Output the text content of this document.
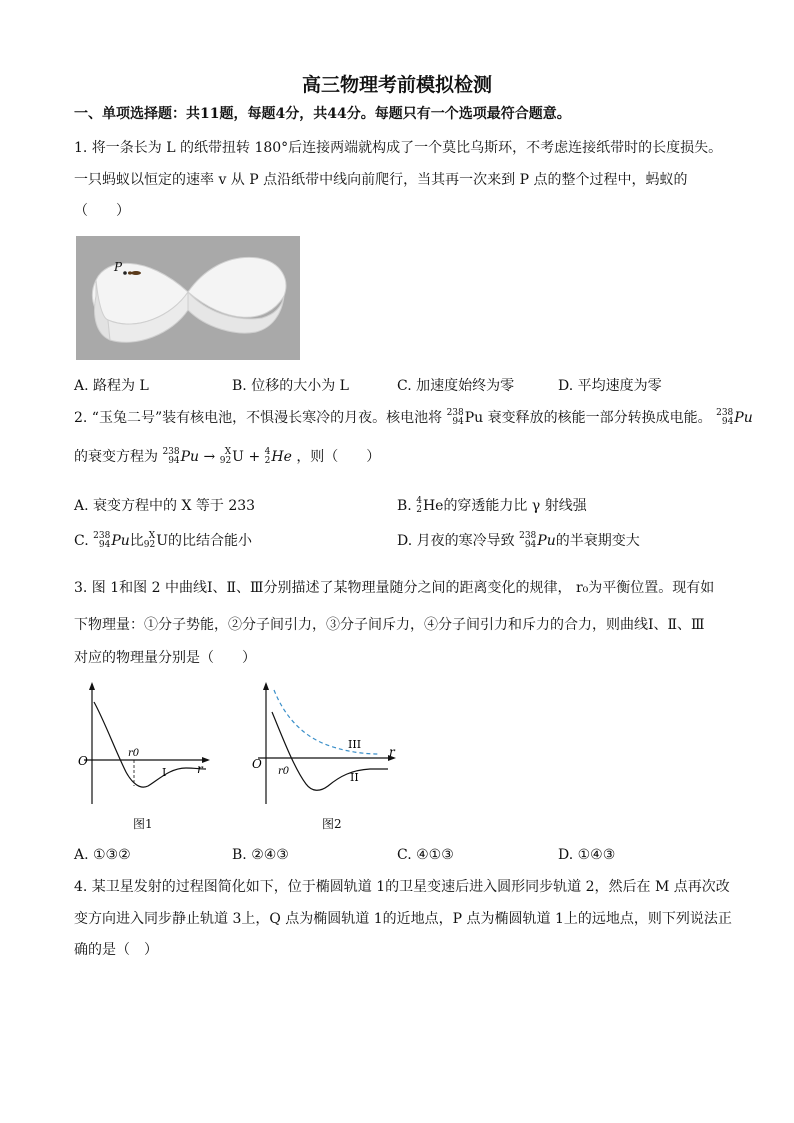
高三物理考前模拟检测
一、单项选择题：共11题，每题4分，共44分。每题只有一个选项最符合题意。
1. 将一条长为 L 的纸带扭转 180°后连接两端就构成了一个莫比乌斯环，不考虑连接纸带时的长度损失。
一只蚂蚁以恒定的速率 v 从 P 点沿纸带中线向前爬行，当其再一次来到 P 点的整个过程中，蚂蚁的
（　　）
P
A. 路程为 L	B. 位移的大小为 L	C. 加速度始终为零	D. 平均速度为零
2. “玉兔二号”装有核电池，不惧漫长寒冷的月夜。核电池将 238
94 Pu 衰变释放的核能一部分转换成电能。 238
94 Pu
的衰变方程为 238
94 Pu → X
92 U + 4
2 He ，则（　　）
A. 衰变方程中的 X 等于 233	B. 4
2 He的穿透能力比 γ 射线强
C. 238
94 Pu比 X
92 U的比结合能小	D. 月夜的寒冷导致 238
94 Pu的半衰期变大
3. 图 1和图 2 中曲线Ⅰ、Ⅱ、Ⅲ分别描述了某物理量随分之间的距离变化的规律， r₀为平衡位置。现有如
下物理量：①分子势能，②分子间引力，③分子间斥力，④分子间引力和斥力的合力，则曲线Ⅰ、Ⅱ、Ⅲ
对应的物理量分别是（　　）
O
r
r0
I
图1
O
r
r0
III
II
图2
A. ①③②	B. ②④③	C. ④①③	D. ①④③
4. 某卫星发射的过程图简化如下，位于椭圆轨道 1的卫星变速后进入圆形同步轨道 2，然后在 M 点再次改
变方向进入同步静止轨道 3上，Q 点为椭圆轨道 1的近地点，P 点为椭圆轨道 1上的远地点，则下列说法正
确的是（　）
